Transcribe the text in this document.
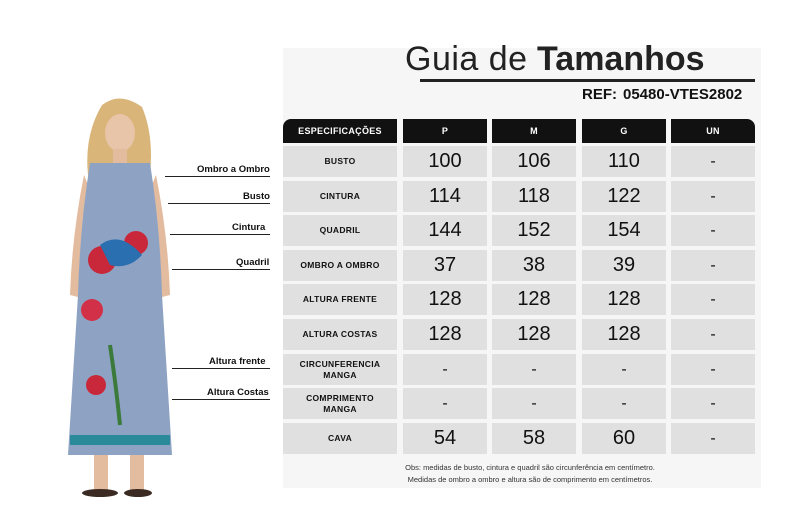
Guia de Tamanhos
REF: 05480-VTES2802
ESPECIFICAÇÕES	P	M	G	UN
BUSTO	100	106	110	-
CINTURA	114	118	122	-
QUADRIL	144	152	154	-
OMBRO A OMBRO	37	38	39	-
ALTURA FRENTE	128	128	128	-
ALTURA COSTAS	128	128	128	-
CIRCUNFERENCIA MANGA	-	-	-	-
COMPRIMENTO MANGA	-	-	-	-
CAVA	54	58	60	-
Obs: medidas de busto, cintura e quadril são circunferência em centímetro.
Medidas de ombro a ombro e altura são de comprimento em centímetros.
Ombro a Ombro
Busto
Cintura
Quadril
Altura frente
Altura Costas
